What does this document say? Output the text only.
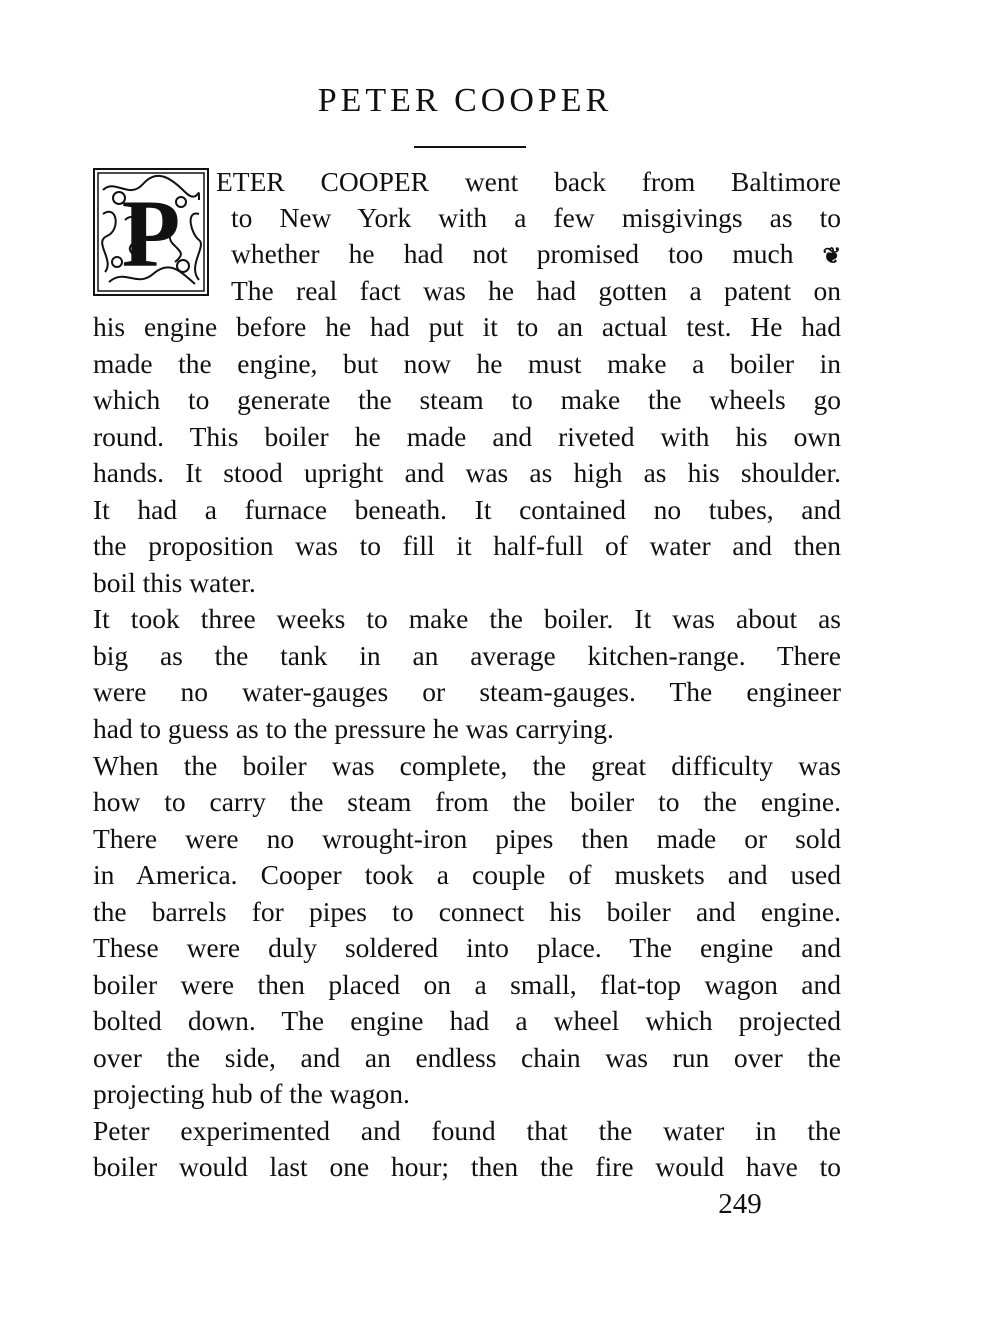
PETER COOPER
P ETER COOPER went back from Baltimore
to New York with a few misgivings as to
whether he had not promised too much ❦
The real fact was he had gotten a patent on
his engine before he had put it to an actual test. He had
made the engine, but now he must make a boiler in
which to generate the steam to make the wheels go
round. This boiler he made and riveted with his own
hands. It stood upright and was as high as his shoulder.
It had a furnace beneath. It contained no tubes, and
the proposition was to fill it half-full of water and then
boil this water.
It took three weeks to make the boiler. It was about as
big as the tank in an average kitchen-range. There
were no water-gauges or steam-gauges. The engineer
had to guess as to the pressure he was carrying.
When the boiler was complete, the great difficulty was
how to carry the steam from the boiler to the engine.
There were no wrought-iron pipes then made or sold
in America. Cooper took a couple of muskets and used
the barrels for pipes to connect his boiler and engine.
These were duly soldered into place. The engine and
boiler were then placed on a small, flat-top wagon and
bolted down. The engine had a wheel which projected
over the side, and an endless chain was run over the
projecting hub of the wagon.
Peter experimented and found that the water in the
boiler would last one hour; then the fire would have to
249
